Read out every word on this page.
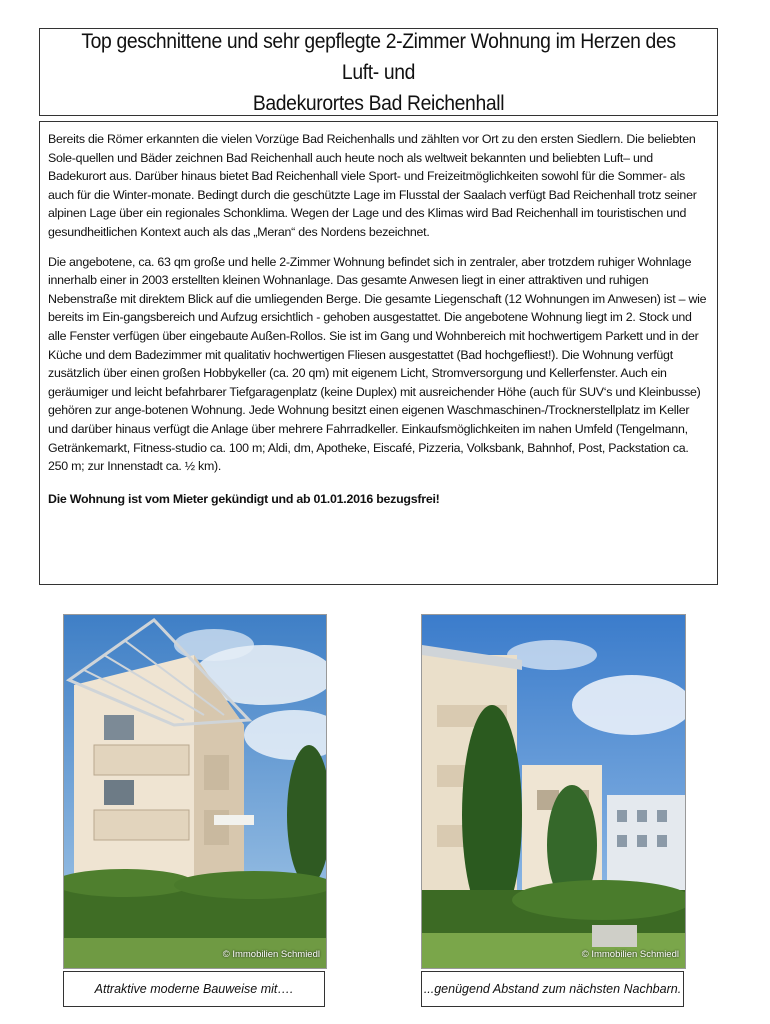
Top geschnittene und sehr gepflegte 2-Zimmer Wohnung im Herzen des Luft- und
Badekurortes Bad Reichenhall

Bereits die Römer erkannten die vielen Vorzüge Bad Reichenhalls und zählten vor Ort zu den ersten Siedlern. Die beliebten Sole-quellen und Bäder zeichnen Bad Reichenhall auch heute noch als weltweit bekannten und beliebten Luft– und Badekurort aus. Darüber hinaus bietet Bad Reichenhall viele Sport- und Freizeitmöglichkeiten sowohl für die Sommer- als auch für die Winter-monate. Bedingt durch die geschützte Lage im Flusstal der Saalach verfügt Bad Reichenhall trotz seiner alpinen Lage über ein regionales Schonklima. Wegen der Lage und des Klimas wird Bad Reichenhall im touristischen und gesundheitlichen Kontext auch als das „Meran“ des Nordens bezeichnet.

Die angebotene, ca. 63 qm große und helle 2-Zimmer Wohnung befindet sich in zentraler, aber trotzdem ruhiger Wohnlage innerhalb einer in 2003 erstellten kleinen Wohnanlage. Das gesamte Anwesen liegt in einer attraktiven und ruhigen Nebenstraße mit direktem Blick auf die umliegenden Berge. Die gesamte Liegenschaft (12 Wohnungen im Anwesen) ist – wie bereits im Ein-gangsbereich und Aufzug ersichtlich - gehoben ausgestattet. Die angebotene Wohnung liegt im 2. Stock und alle Fenster verfügen über eingebaute Außen-Rollos. Sie ist im Gang und Wohnbereich mit hochwertigem Parkett und in der Küche und dem Badezimmer mit qualitativ hochwertigen Fliesen ausgestattet (Bad hochgefliest!). Die Wohnung verfügt zusätzlich über einen großen Hobbykeller (ca. 20 qm) mit eigenem Licht, Stromversorgung und Kellerfenster. Auch ein geräumiger und leicht befahrbarer Tiefgaragenplatz (keine Duplex) mit ausreichender Höhe (auch für SUV‘s und Kleinbusse) gehören zur ange-botenen Wohnung. Jede Wohnung besitzt einen eigenen Waschmaschinen-/Trocknerstellplatz im Keller und darüber hinaus verfügt die Anlage über mehrere Fahrradkeller. Einkaufsmöglichkeiten im nahen Umfeld (Tengelmann, Getränkemarkt, Fitness-studio ca. 100 m; Aldi, dm, Apotheke, Eiscafé, Pizzeria, Volksbank, Bahnhof, Post, Packstation ca. 250 m; zur Innenstadt ca. ½ km).

Die Wohnung ist vom Mieter gekündigt und ab 01.01.2016 bezugsfrei!

© Immobilien Schmiedl	© Immobilien Schmiedl
Attraktive moderne Bauweise mit….	...genügend Abstand zum nächsten Nachbarn.
